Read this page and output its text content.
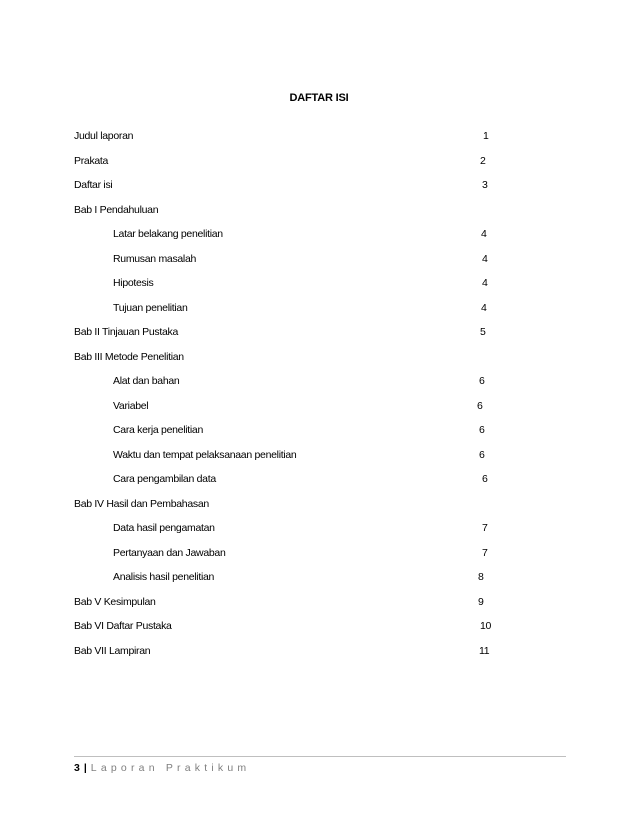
DAFTAR ISI
Judul laporan	1
Prakata	2
Daftar isi	3
Bab I Pendahuluan
Latar belakang penelitian	4
Rumusan masalah	4
Hipotesis	4
Tujuan penelitian	4
Bab II Tinjauan Pustaka	5
Bab III Metode Penelitian
Alat dan bahan	6
Variabel	6
Cara kerja penelitian	6
Waktu dan tempat pelaksanaan penelitian	6
Cara pengambilan data	6
Bab IV Hasil dan Pembahasan
Data hasil pengamatan	7
Pertanyaan dan Jawaban	7
Analisis hasil penelitian	8
Bab V Kesimpulan	9
Bab VI Daftar Pustaka	10
Bab VII Lampiran	11
3 | Laporan Praktikum
